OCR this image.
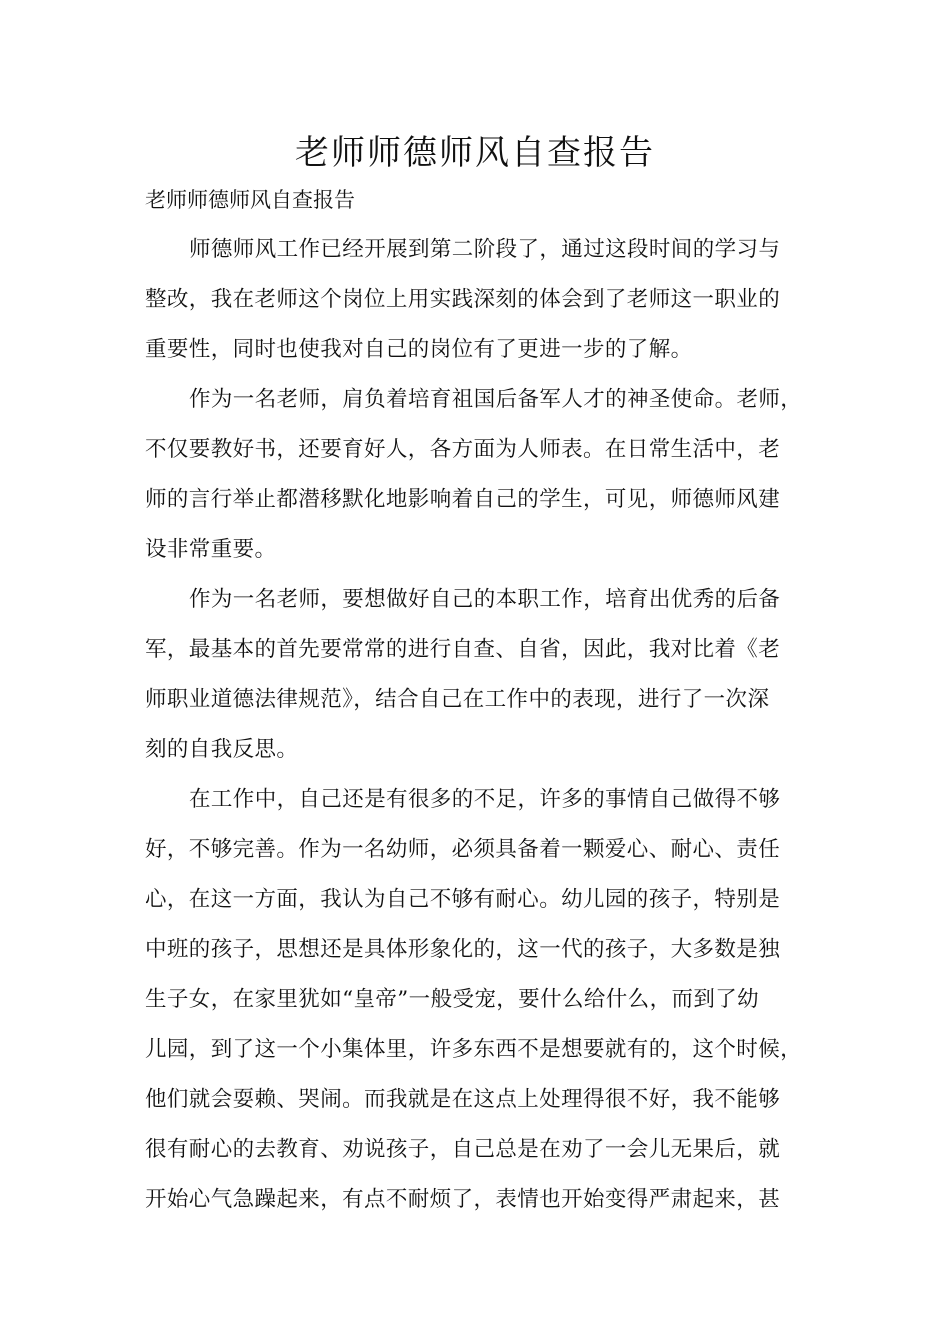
老师师德师风自查报告
老师师德师风自查报告
师德师风工作已经开展到第二阶段了，通过这段时间的学习与
整改，我在老师这个岗位上用实践深刻的体会到了老师这一职业的
重要性，同时也使我对自己的岗位有了更进一步的了解。
作为一名老师，肩负着培育祖国后备军人才的神圣使命。老师，
不仅要教好书，还要育好人，各方面为人师表。在日常生活中，老
师的言行举止都潜移默化地影响着自己的学生，可见，师德师风建
设非常重要。
作为一名老师，要想做好自己的本职工作，培育出优秀的后备
军，最基本的首先要常常的进行自查、自省，因此，我对比着《老
师职业道德法律规范》，结合自己在工作中的表现，进行了一次深
刻的自我反思。
在工作中，自己还是有很多的不足，许多的事情自己做得不够
好，不够完善。作为一名幼师，必须具备着一颗爱心、耐心、责任
心，在这一方面，我认为自己不够有耐心。幼儿园的孩子，特别是
中班的孩子，思想还是具体形象化的，这一代的孩子，大多数是独
生子女，在家里犹如“皇帝”一般受宠，要什么给什么，而到了幼
儿园，到了这一个小集体里，许多东西不是想要就有的，这个时候，
他们就会耍赖、哭闹。而我就是在这点上处理得很不好，我不能够
很有耐心的去教育、劝说孩子，自己总是在劝了一会儿无果后，就
开始心气急躁起来，有点不耐烦了，表情也开始变得严肃起来，甚
